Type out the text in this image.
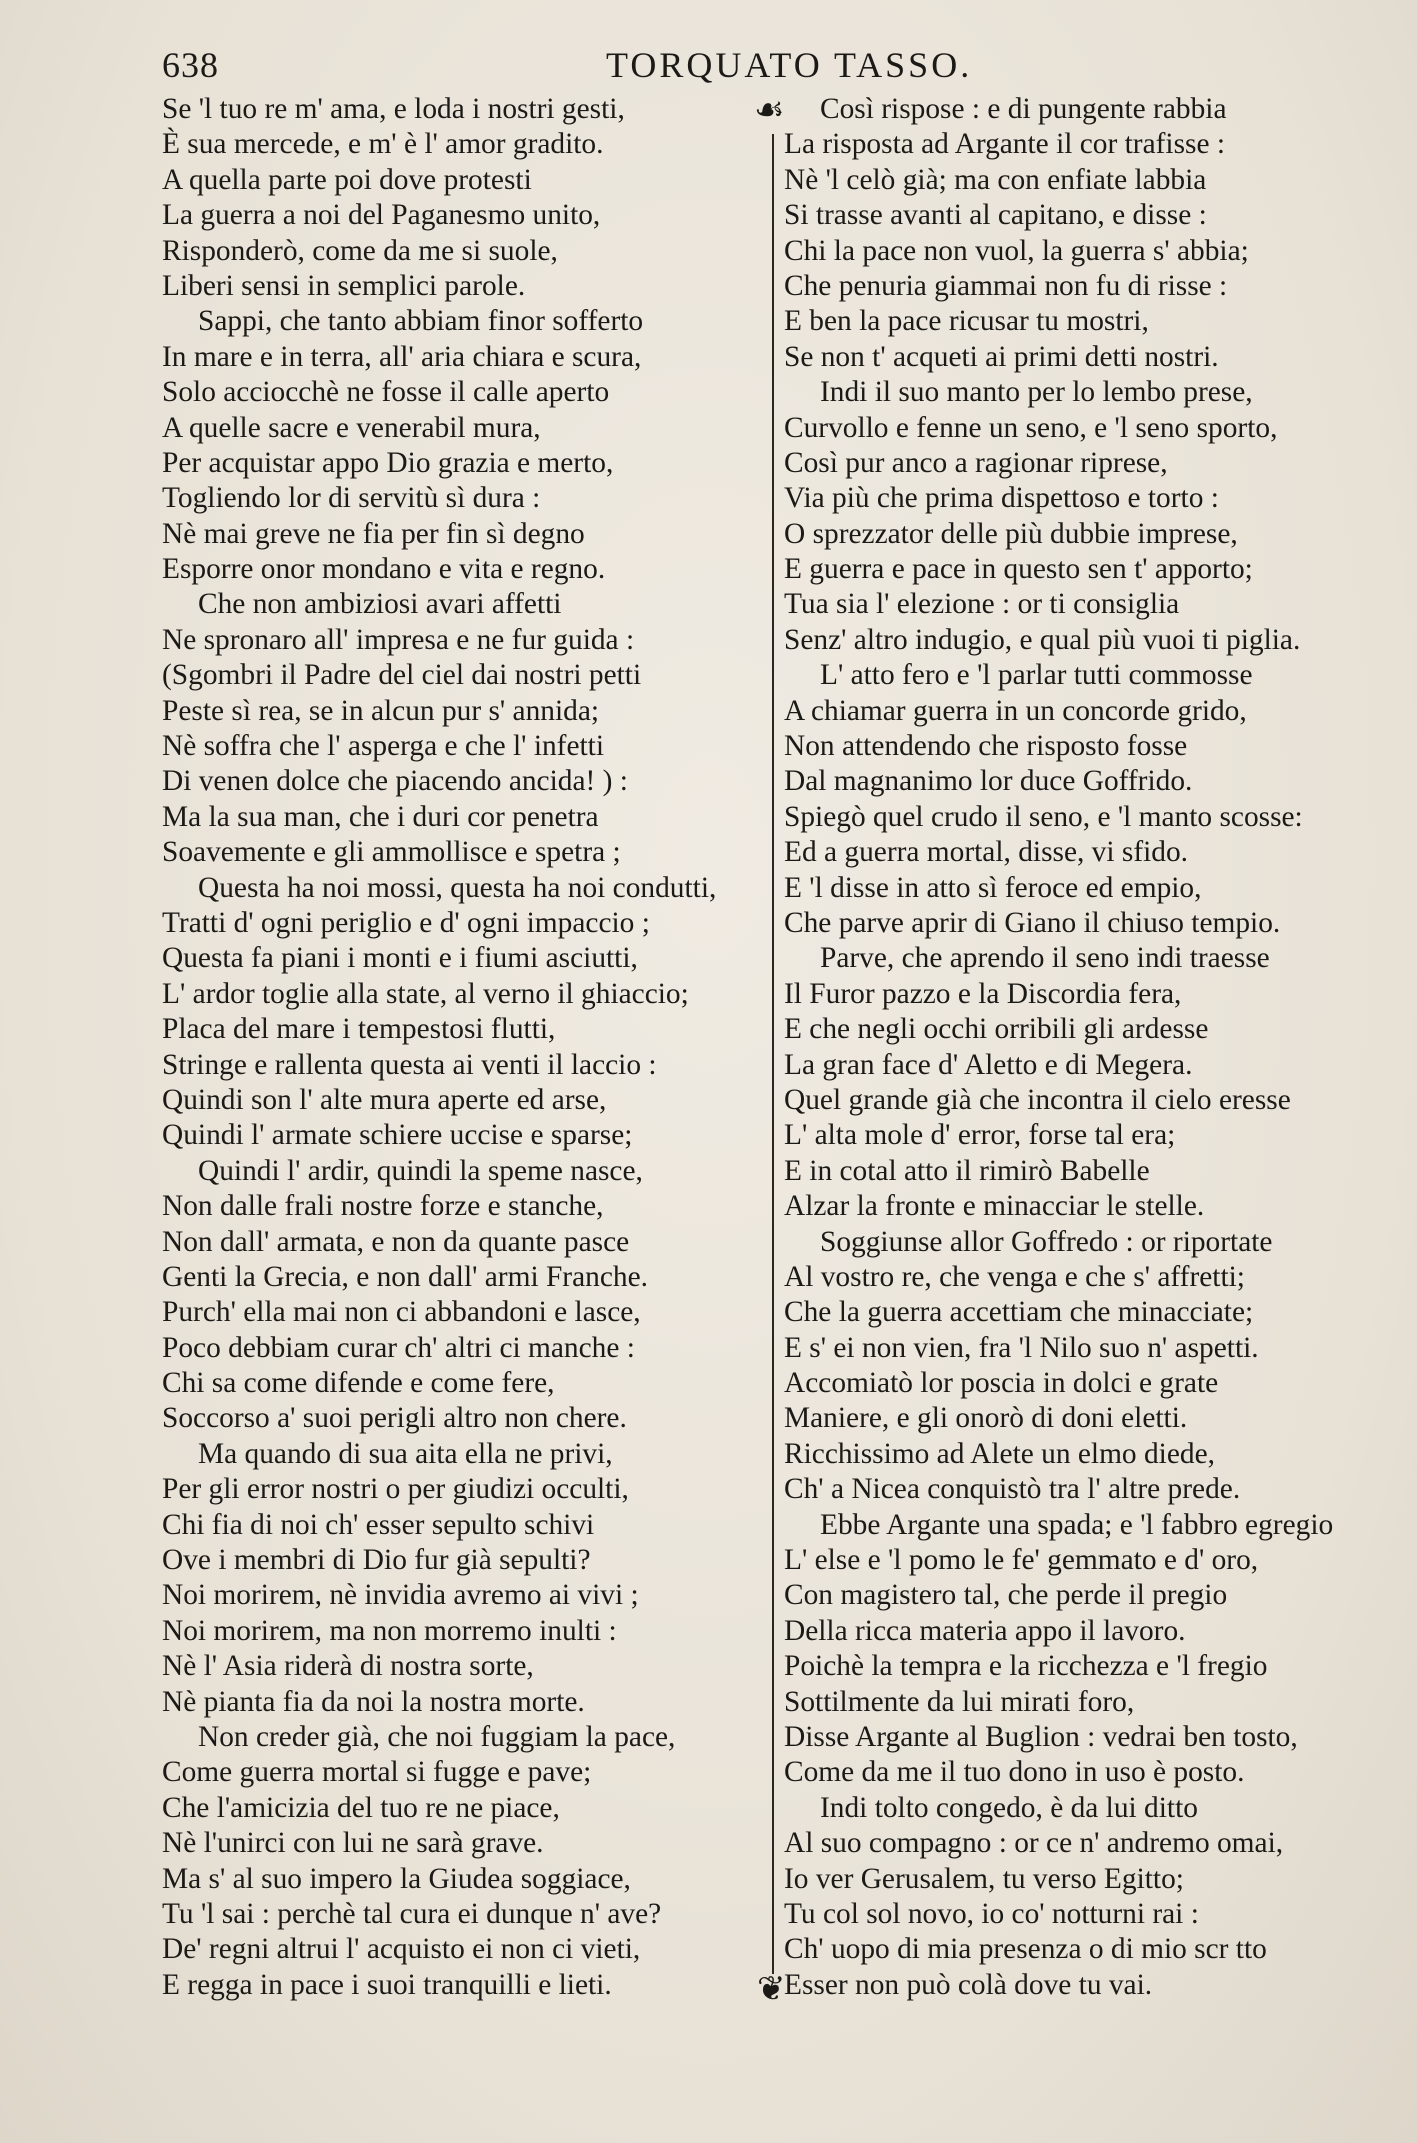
638	TORQUATO TASSO.
☙
❦
Se 'l tuo re m' ama, e loda i nostri gesti,
È sua mercede, e m' è l' amor gradito.
A quella parte poi dove protesti
La guerra a noi del Paganesmo unito,
Risponderò, come da me si suole,
Liberi sensi in semplici parole.
Sappi, che tanto abbiam finor sofferto
In mare e in terra, all' aria chiara e scura,
Solo acciocchè ne fosse il calle aperto
A quelle sacre e venerabil mura,
Per acquistar appo Dio grazia e merto,
Togliendo lor di servitù sì dura :
Nè mai greve ne fia per fin sì degno
Esporre onor mondano e vita e regno.
Che non ambiziosi avari affetti
Ne spronaro all' impresa e ne fur guida :
(Sgombri il Padre del ciel dai nostri petti
Peste sì rea, se in alcun pur s' annida;
Nè soffra che l' asperga e che l' infetti
Di venen dolce che piacendo ancida! ) :
Ma la sua man, che i duri cor penetra
Soavemente e gli ammollisce e spetra ;
Questa ha noi mossi, questa ha noi condutti,
Tratti d' ogni periglio e d' ogni impaccio ;
Questa fa piani i monti e i fiumi asciutti,
L' ardor toglie alla state, al verno il ghiaccio;
Placa del mare i tempestosi flutti,
Stringe e rallenta questa ai venti il laccio :
Quindi son l' alte mura aperte ed arse,
Quindi l' armate schiere uccise e sparse;
Quindi l' ardir, quindi la speme nasce,
Non dalle frali nostre forze e stanche,
Non dall' armata, e non da quante pasce
Genti la Grecia, e non dall' armi Franche.
Purch' ella mai non ci abbandoni e lasce,
Poco debbiam curar ch' altri ci manche :
Chi sa come difende e come fere,
Soccorso a' suoi perigli altro non chere.
Ma quando di sua aita ella ne privi,
Per gli error nostri o per giudizi occulti,
Chi fia di noi ch' esser sepulto schivi
Ove i membri di Dio fur già sepulti?
Noi morirem, nè invidia avremo ai vivi ;
Noi morirem, ma non morremo inulti :
Nè l' Asia riderà di nostra sorte,
Nè pianta fia da noi la nostra morte.
Non creder già, che noi fuggiam la pace,
Come guerra mortal si fugge e pave;
Che l'amicizia del tuo re ne piace,
Nè l'unirci con lui ne sarà grave.
Ma s' al suo impero la Giudea soggiace,
Tu 'l sai : perchè tal cura ei dunque n' ave?
De' regni altrui l' acquisto ei non ci vieti,
E regga in pace i suoi tranquilli e lieti.
Così rispose : e di pungente rabbia
La risposta ad Argante il cor trafisse :
Nè 'l celò già; ma con enfiate labbia
Si trasse avanti al capitano, e disse :
Chi la pace non vuol, la guerra s' abbia;
Che penuria giammai non fu di risse :
E ben la pace ricusar tu mostri,
Se non t' acqueti ai primi detti nostri.
Indi il suo manto per lo lembo prese,
Curvollo e fenne un seno, e 'l seno sporto,
Così pur anco a ragionar riprese,
Via più che prima dispettoso e torto :
O sprezzator delle più dubbie imprese,
E guerra e pace in questo sen t' apporto;
Tua sia l' elezione : or ti consiglia
Senz' altro indugio, e qual più vuoi ti piglia.
L' atto fero e 'l parlar tutti commosse
A chiamar guerra in un concorde grido,
Non attendendo che risposto fosse
Dal magnanimo lor duce Goffrido.
Spiegò quel crudo il seno, e 'l manto scosse:
Ed a guerra mortal, disse, vi sfido.
E 'l disse in atto sì feroce ed empio,
Che parve aprir di Giano il chiuso tempio.
Parve, che aprendo il seno indi traesse
Il Furor pazzo e la Discordia fera,
E che negli occhi orribili gli ardesse
La gran face d' Aletto e di Megera.
Quel grande già che incontra il cielo eresse
L' alta mole d' error, forse tal era;
E in cotal atto il rimirò Babelle
Alzar la fronte e minacciar le stelle.
Soggiunse allor Goffredo : or riportate
Al vostro re, che venga e che s' affretti;
Che la guerra accettiam che minacciate;
E s' ei non vien, fra 'l Nilo suo n' aspetti.
Accomiatò lor poscia in dolci e grate
Maniere, e gli onorò di doni eletti.
Ricchissimo ad Alete un elmo diede,
Ch' a Nicea conquistò tra l' altre prede.
Ebbe Argante una spada; e 'l fabbro egregio
L' else e 'l pomo le fe' gemmato e d' oro,
Con magistero tal, che perde il pregio
Della ricca materia appo il lavoro.
Poichè la tempra e la ricchezza e 'l fregio
Sottilmente da lui mirati foro,
Disse Argante al Buglion : vedrai ben tosto,
Come da me il tuo dono in uso è posto.
Indi tolto congedo, è da lui ditto
Al suo compagno : or ce n' andremo omai,
Io ver Gerusalem, tu verso Egitto;
Tu col sol novo, io co' notturni rai :
Ch' uopo di mia presenza o di mio scr tto
Esser non può colà dove tu vai.
